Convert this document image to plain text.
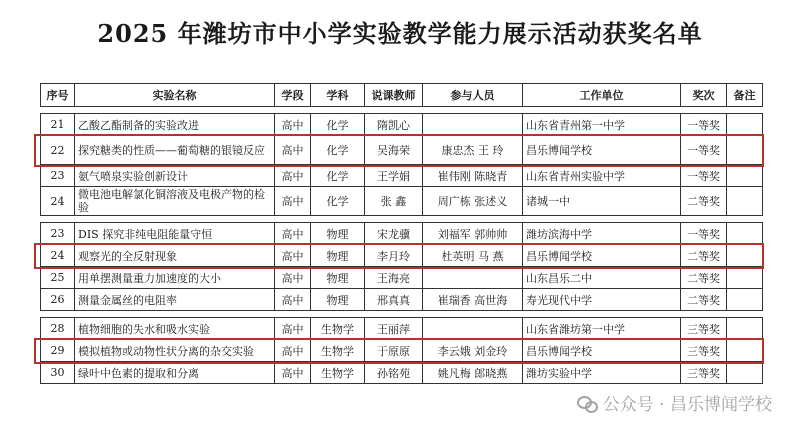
2025 年潍坊市中小学实验教学能力展示活动获奖名单
序号	实验名称	学段	学科	说课教师	参与人员	工作单位	奖次	备注

21	乙酸乙酯制备的实验改进	高中	化学	隋凯心		山东省青州第一中学	一等奖	
22	探究糖类的性质——葡萄糖的银镜反应	高中	化学	吴海荣	康忠杰 王 玲	昌乐博闻学校	一等奖	
23	氨气喷泉实验创新设计	高中	化学	王学娟	崔伟刚 陈晓青	山东省青州实验中学	一等奖	
24	微电池电解氯化铜溶液及电极产物的检验	高中	化学	张 鑫	周广栋 张述义	诸城一中	二等奖	

23	DIS 探究非纯电阻能量守恒	高中	物理	宋龙骥	刘福军 郭帅帅	潍坊滨海中学	一等奖	
24	观察光的全反射现象	高中	物理	李月玲	杜英明 马 燕	昌乐博闻学校	二等奖	
25	用单摆测量重力加速度的大小	高中	物理	王海亮		山东昌乐二中	二等奖	
26	测量金属丝的电阻率	高中	物理	邢真真	崔瑞香 高世海	寿光现代中学	二等奖	

28	植物细胞的失水和吸水实验	高中	生物学	王丽萍		山东省潍坊第一中学	三等奖	
29	模拟植物或动物性状分离的杂交实验	高中	生物学	于原原	李云娥 刘金玲	昌乐博闻学校	三等奖	
30	绿叶中色素的提取和分离	高中	生物学	孙铭苑	姚凡梅 郎晓燕	潍坊实验中学	三等奖	
公众号 · 昌乐博闻学校
